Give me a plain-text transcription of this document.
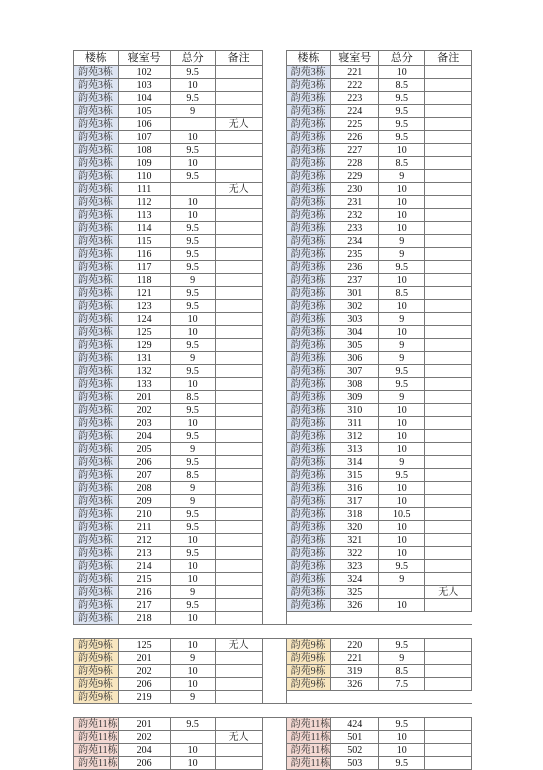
楼栋	寝室号	总分	备注		楼栋	寝室号	总分	备注
韵苑3栋	102	9.5			韵苑3栋	221	10	
韵苑3栋	103	10			韵苑3栋	222	8.5	
韵苑3栋	104	9.5			韵苑3栋	223	9.5	
韵苑3栋	105	9			韵苑3栋	224	9.5	
韵苑3栋	106		无人		韵苑3栋	225	9.5	
韵苑3栋	107	10			韵苑3栋	226	9.5	
韵苑3栋	108	9.5			韵苑3栋	227	10	
韵苑3栋	109	10			韵苑3栋	228	8.5	
韵苑3栋	110	9.5			韵苑3栋	229	9	
韵苑3栋	111		无人		韵苑3栋	230	10	
韵苑3栋	112	10			韵苑3栋	231	10	
韵苑3栋	113	10			韵苑3栋	232	10	
韵苑3栋	114	9.5			韵苑3栋	233	10	
韵苑3栋	115	9.5			韵苑3栋	234	9	
韵苑3栋	116	9.5			韵苑3栋	235	9	
韵苑3栋	117	9.5			韵苑3栋	236	9.5	
韵苑3栋	118	9			韵苑3栋	237	10	
韵苑3栋	121	9.5			韵苑3栋	301	8.5	
韵苑3栋	123	9.5			韵苑3栋	302	10	
韵苑3栋	124	10			韵苑3栋	303	9	
韵苑3栋	125	10			韵苑3栋	304	10	
韵苑3栋	129	9.5			韵苑3栋	305	9	
韵苑3栋	131	9			韵苑3栋	306	9	
韵苑3栋	132	9.5			韵苑3栋	307	9.5	
韵苑3栋	133	10			韵苑3栋	308	9.5	
韵苑3栋	201	8.5			韵苑3栋	309	9	
韵苑3栋	202	9.5			韵苑3栋	310	10	
韵苑3栋	203	10			韵苑3栋	311	10	
韵苑3栋	204	9.5			韵苑3栋	312	10	
韵苑3栋	205	9			韵苑3栋	313	10	
韵苑3栋	206	9.5			韵苑3栋	314	9	
韵苑3栋	207	8.5			韵苑3栋	315	9.5	
韵苑3栋	208	9			韵苑3栋	316	10	
韵苑3栋	209	9			韵苑3栋	317	10	
韵苑3栋	210	9.5			韵苑3栋	318	10.5	
韵苑3栋	211	9.5			韵苑3栋	320	10	
韵苑3栋	212	10			韵苑3栋	321	10	
韵苑3栋	213	9.5			韵苑3栋	322	10	
韵苑3栋	214	10			韵苑3栋	323	9.5	
韵苑3栋	215	10			韵苑3栋	324	9	
韵苑3栋	216	9			韵苑3栋	325		无人
韵苑3栋	217	9.5			韵苑3栋	326	10	
韵苑3栋	218	10						

韵苑9栋	125	10	无人		韵苑9栋	220	9.5	
韵苑9栋	201	9			韵苑9栋	221	9	
韵苑9栋	202	10			韵苑9栋	319	8.5	
韵苑9栋	206	10			韵苑9栋	326	7.5	
韵苑9栋	219	9						

韵苑11栋	201	9.5			韵苑11栋	424	9.5	
韵苑11栋	202		无人		韵苑11栋	501	10	
韵苑11栋	204	10			韵苑11栋	502	10	
韵苑11栋	206	10			韵苑11栋	503	9.5	
